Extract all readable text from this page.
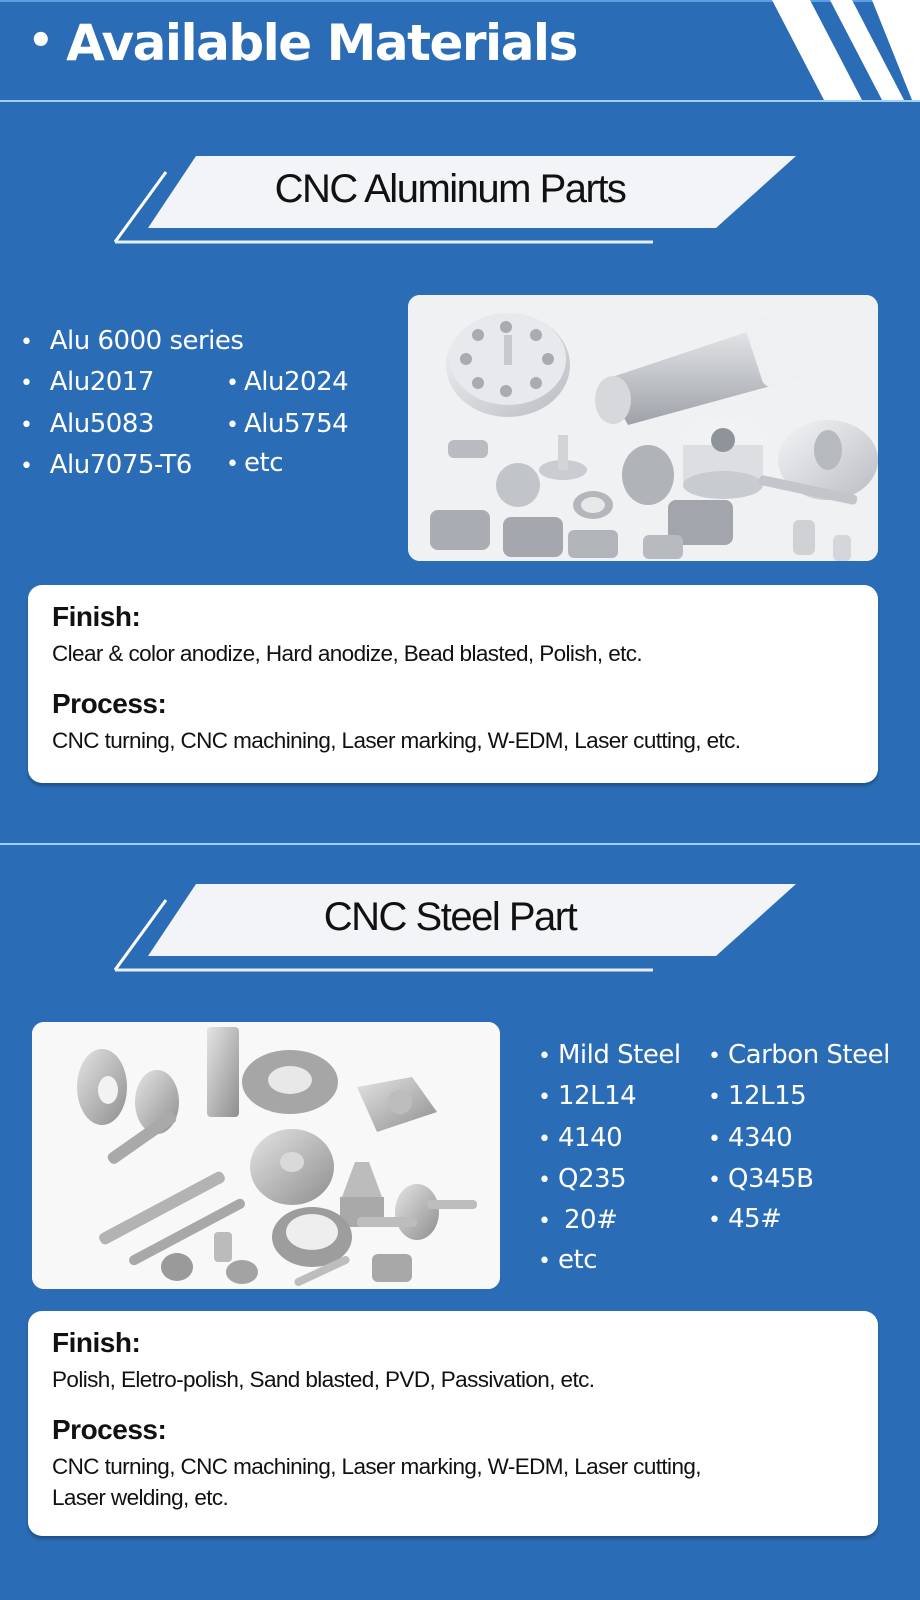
• Available Materials
CNC Aluminum Parts
• Alu 6000 series
• Alu2017	• Alu2024
• Alu5083	• Alu5754
• Alu7075-T6 • etc
Finish:
Clear & color anodize, Hard anodize, Bead blasted, Polish, etc.
Process:
CNC turning, CNC machining, Laser marking, W-EDM, Laser cutting, etc.
CNC Steel Part
• Mild Steel • Carbon Steel
• 12L14	• 12L15
• 4140	• 4340
• Q235	• Q345B
• 20#	• 45#
• etc
Finish:
Polish, Eletro-polish, Sand blasted, PVD, Passivation, etc.
Process:
CNC turning, CNC machining, Laser marking, W-EDM, Laser cutting,
Laser welding, etc.
